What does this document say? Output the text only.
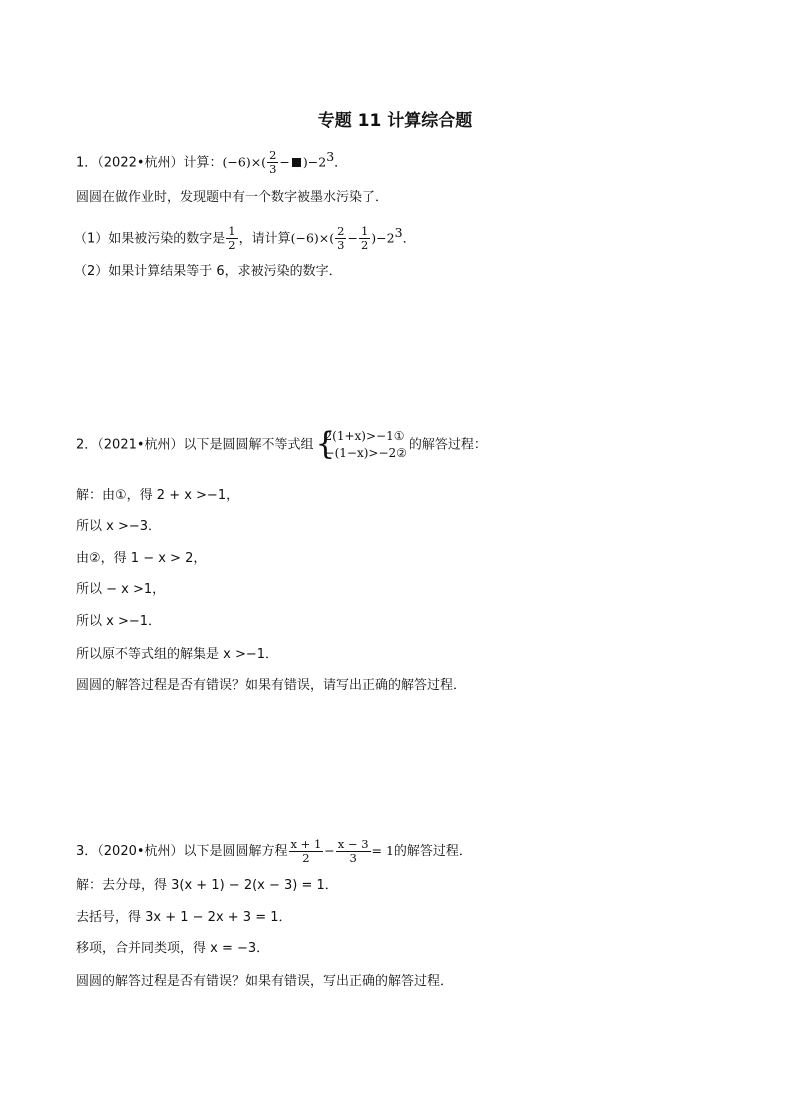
专题 11 计算综合题
1．（2022•杭州）计算：$(-6)\times( \frac{2}{3} - )-2^3$．
圆圆在做作业时，发现题中有一个数字被墨水污染了．
（1）如果被污染的数字是 $\frac{1}{2}$ ，请计算$(-6)\times( \frac{2}{3} - \frac{1}{2} )-2^3$．
（2）如果计算结果等于 6，求被污染的数字．
2．（2021•杭州）以下是圆圆解不等式组 {
2(1+x)>−1①
−(1−x)>−2②
的解答过程：
解：由①，得 2 + x >−1，
所以 x >−3．
由②，得 1 − x > 2，
所以 − x >1，
所以 x >−1．
所以原不等式组的解集是 x >−1．
圆圆的解答过程是否有错误？如果有错误，请写出正确的解答过程．
3．（2020•杭州）以下是圆圆解方程 $\frac{x + 1}{2} - \frac{x - 3}{3} = 1$的解答过程．
解：去分母，得 3(x + 1) − 2(x − 3) = 1．
去括号，得 3x + 1 − 2x + 3 = 1．
移项，合并同类项，得 x = −3．
圆圆的解答过程是否有错误？如果有错误，写出正确的解答过程．
